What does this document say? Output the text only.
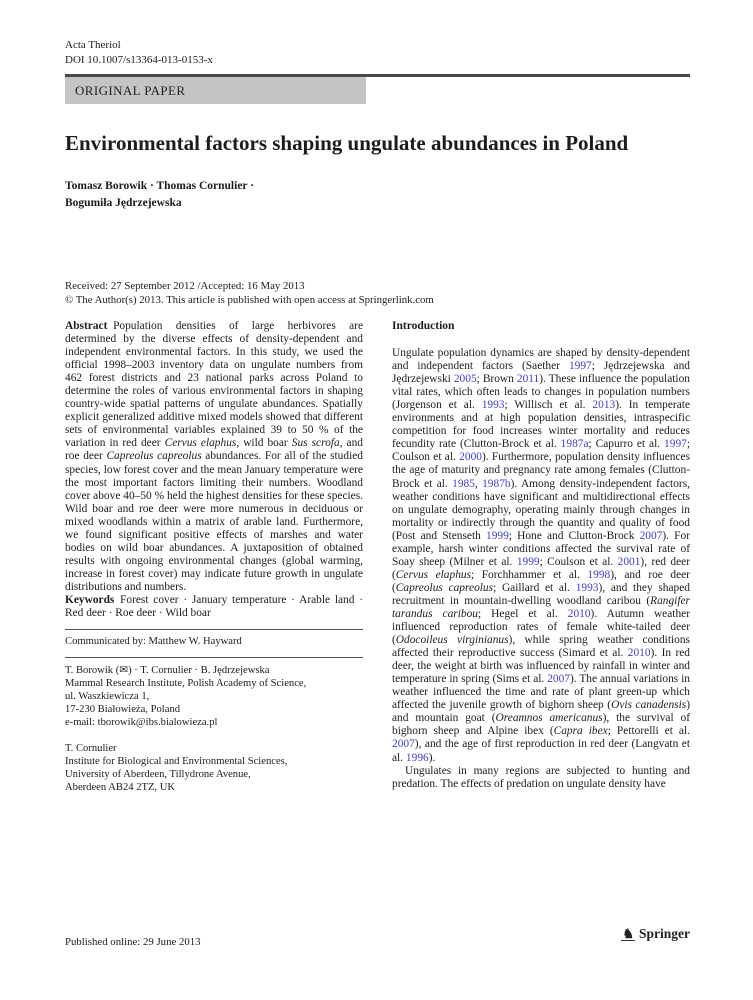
Acta Theriol
DOI 10.1007/s13364-013-0153-x
ORIGINAL PAPER
Environmental factors shaping ungulate abundances in Poland
Tomasz Borowik · Thomas Cornulier ·
Bogumiła Jędrzejewska
Received: 27 September 2012 /Accepted: 16 May 2013
© The Author(s) 2013. This article is published with open access at Springerlink.com

Abstract Population densities of large herbivores are determined by the diverse effects of density-dependent and independent environmental factors. In this study, we used the official 1998–2003 inventory data on ungulate numbers from 462 forest districts and 23 national parks across Poland to determine the roles of various environmental factors in shaping country-wide spatial patterns of ungulate abundances. Spatially explicit generalized additive mixed models showed that different sets of environmental variables explained 39 to 50 % of the variation in red deer Cervus elaphus, wild boar Sus scrofa, and roe deer Capreolus capreolus abundances. For all of the studied species, low forest cover and the mean January temperature were the most important factors limiting their numbers. Woodland cover above 40–50 % held the highest densities for these species. Wild boar and roe deer were more numerous in deciduous or mixed woodlands within a matrix of arable land. Furthermore, we found significant positive effects of marshes and water bodies on wild boar abundances. A juxtaposition of obtained results with ongoing environmental changes (global warming, increase in forest cover) may indicate future growth in ungulate distributions and numbers.

Keywords Forest cover · January temperature · Arable land · Red deer · Roe deer · Wild boar

Communicated by: Matthew W. Hayward
T. Borowik (✉) · T. Cornulier · B. Jędrzejewska
Mammal Research Institute, Polish Academy of Science,
ul. Waszkiewicza 1,
17-230 Białowieża, Poland
e-mail: tborowik@ibs.bialowieza.pl
T. Cornulier
Institute for Biological and Environmental Sciences,
University of Aberdeen, Tillydrone Avenue,
Aberdeen AB24 2TZ, UK
Introduction

Ungulate population dynamics are shaped by density-dependent and independent factors (Saether 1997; Jędrzejewska and Jędrzejewski 2005; Brown 2011). These influence the population vital rates, which often leads to changes in population numbers (Jorgenson et al. 1993; Willisch et al. 2013). In temperate environments and at high population densities, intraspecific competition for food increases winter mortality and reduces fecundity rate (Clutton-Brock et al. 1987a; Capurro et al. 1997; Coulson et al. 2000). Furthermore, population density influences the age of maturity and pregnancy rate among females (Clutton-Brock et al. 1985, 1987b). Among density-independent factors, weather conditions have significant and multidirectional effects on ungulate demography, operating mainly through changes in mortality or indirectly through the quantity and quality of food (Post and Stenseth 1999; Hone and Clutton-Brock 2007). For example, harsh winter conditions affected the survival rate of Soay sheep (Milner et al. 1999; Coulson et al. 2001), red deer (Cervus elaphus; Forchhammer et al. 1998), and roe deer (Capreolus capreolus; Gaillard et al. 1993), and they shaped recruitment in mountain-dwelling woodland caribou (Rangifer tarandus caribou; Hegel et al. 2010). Autumn weather influenced reproduction rates of female white-tailed deer (Odocoileus virginianus), while spring weather conditions affected their reproductive success (Simard et al. 2010). In red deer, the weight at birth was influenced by rainfall in winter and temperature in spring (Sims et al. 2007). The annual variations in weather influenced the time and rate of plant green-up which affected the juvenile growth of bighorn sheep (Ovis canadensis) and mountain goat (Oreamnos americanus), the survival of bighorn sheep and Alpine ibex (Capra ibex; Pettorelli et al. 2007), and the age of first reproduction in red deer (Langvatn et al. 1996).

Ungulates in many regions are subjected to hunting and predation. The effects of predation on ungulate density have

Published online: 29 June 2013
♞ Springer
